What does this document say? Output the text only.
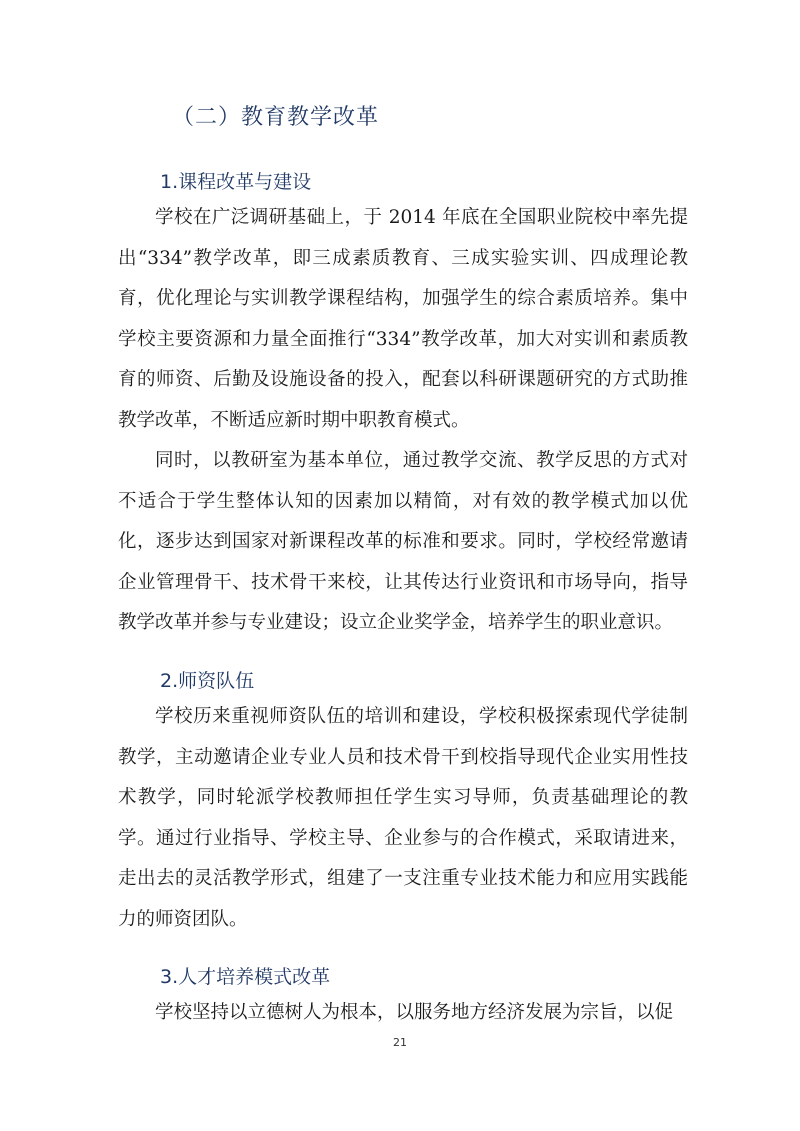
（二）教育教学改革
1.课程改革与建设

学校在广泛调研基础上，于 2014 年底在全国职业院校中率先提出“334”教学改革，即三成素质教育、三成实验实训、四成理论教育，优化理论与实训教学课程结构，加强学生的综合素质培养。集中学校主要资源和力量全面推行“334”教学改革，加大对实训和素质教育的师资、后勤及设施设备的投入，配套以科研课题研究的方式助推教学改革，不断适应新时期中职教育模式。

同时，以教研室为基本单位，通过教学交流、教学反思的方式对不适合于学生整体认知的因素加以精简，对有效的教学模式加以优化，逐步达到国家对新课程改革的标准和要求。同时，学校经常邀请企业管理骨干、技术骨干来校，让其传达行业资讯和市场导向，指导教学改革并参与专业建设；设立企业奖学金，培养学生的职业意识。

2.师资队伍

学校历来重视师资队伍的培训和建设，学校积极探索现代学徒制教学，主动邀请企业专业人员和技术骨干到校指导现代企业实用性技术教学，同时轮派学校教师担任学生实习导师，负责基础理论的教学。通过行业指导、学校主导、企业参与的合作模式，采取请进来，走出去的灵活教学形式，组建了一支注重专业技术能力和应用实践能力的师资团队。

3.人才培养模式改革

学校坚持以立德树人为根本，以服务地方经济发展为宗旨，以促

21
